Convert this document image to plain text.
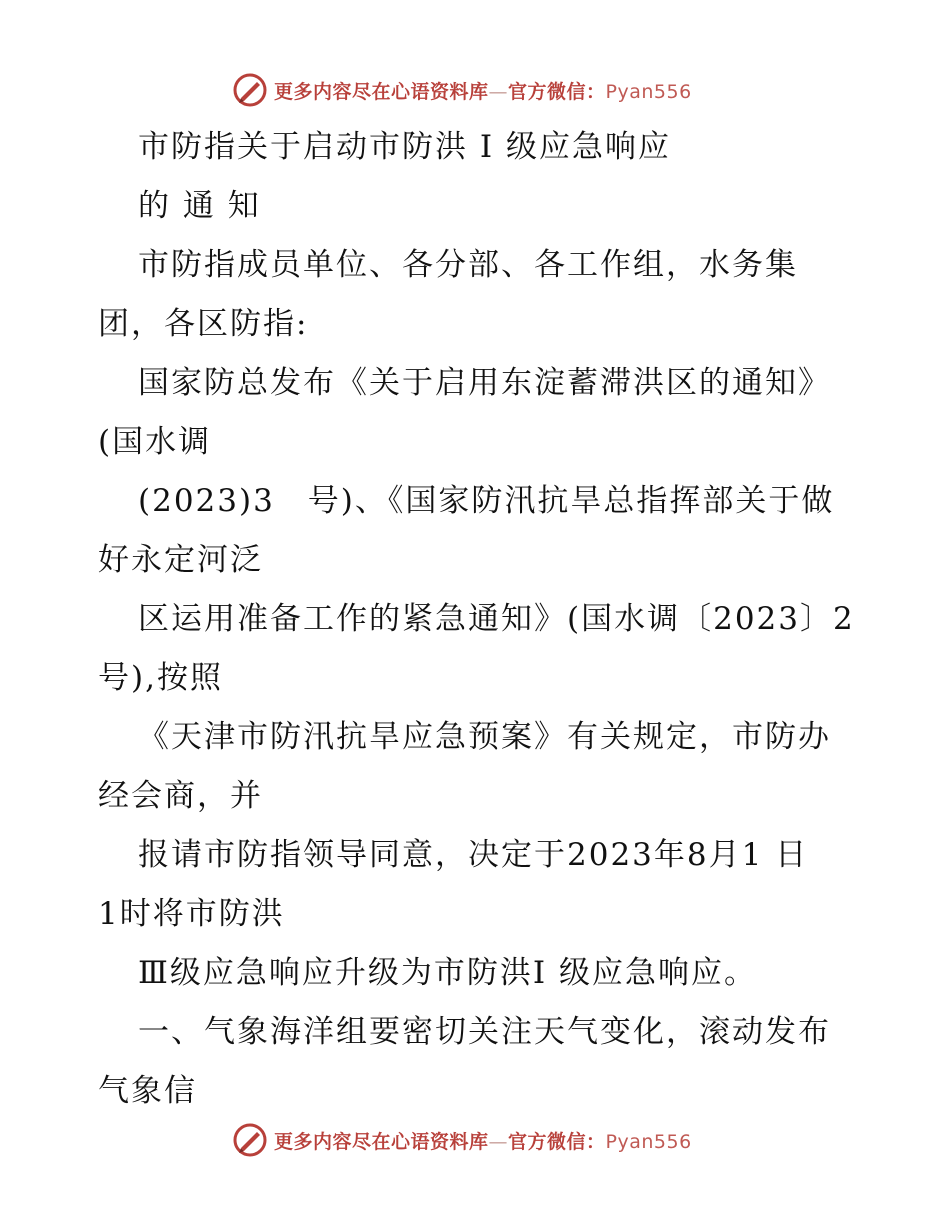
更多内容尽在心语资料库—官方微信：Pyan556
市防指关于启动市防洪 Ⅰ 级应急响应
的 通 知
市防指成员单位、各分部、各工作组，水务集
团，各区防指:
国家防总发布《关于启用东淀蓄滞洪区的通知》
(国水调
(2023)3　号)、《国家防汛抗旱总指挥部关于做
好永定河泛
区运用准备工作的紧急通知》(国水调〔2023〕2
号),按照
《天津市防汛抗旱应急预案》有关规定，市防办
经会商，并
报请市防指领导同意，决定于2023年8月1 日
1时将市防洪
Ⅲ级应急响应升级为市防洪Ⅰ 级应急响应。
一、气象海洋组要密切关注天气变化，滚动发布
气象信
更多内容尽在心语资料库—官方微信：Pyan556
